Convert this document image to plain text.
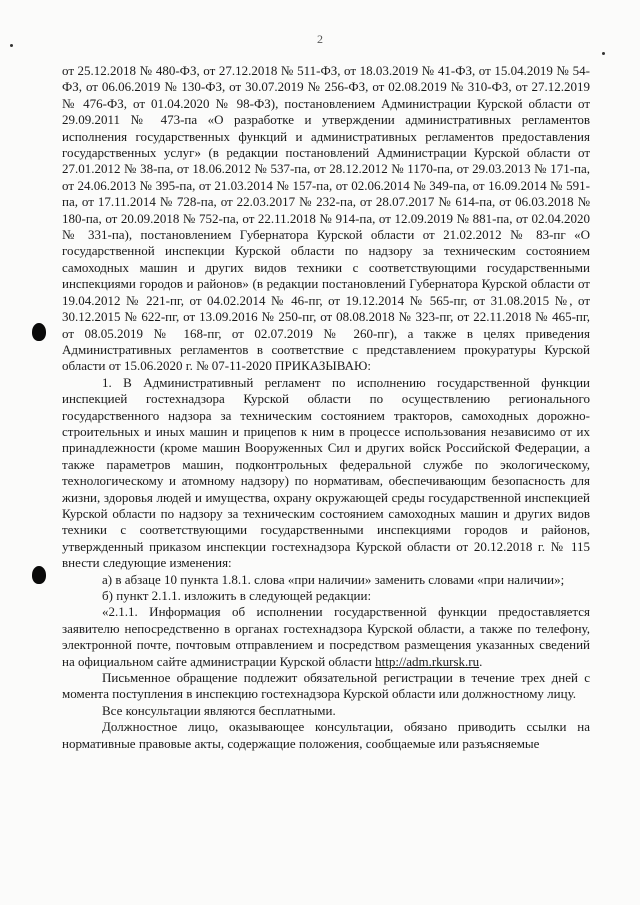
2

от 25.12.2018 № 480-ФЗ, от 27.12.2018 № 511-ФЗ, от 18.03.2019 № 41-ФЗ, от 15.04.2019 № 54-ФЗ, от 06.06.2019 № 130-ФЗ, от 30.07.2019 № 256-ФЗ, от 02.08.2019 № 310-ФЗ, от 27.12.2019 № 476-ФЗ, от 01.04.2020 № 98-ФЗ), постановлением Администрации Курской области от 29.09.2011 № 473-па «О разработке и утверждении административных регламентов исполнения государственных функций и административных регламентов предоставления государственных услуг» (в редакции постановлений Администрации Курской области от 27.01.2012 № 38-па, от 18.06.2012 № 537-па, от 28.12.2012 № 1170-па, от 29.03.2013 № 171-па, от 24.06.2013 № 395-па, от 21.03.2014 № 157-па, от 02.06.2014 № 349-па, от 16.09.2014 № 591-па, от 17.11.2014 № 728-па, от 22.03.2017 № 232-па, от 28.07.2017 № 614-па, от 06.03.2018 № 180-па, от 20.09.2018 № 752-па, от 22.11.2018 № 914-па, от 12.09.2019 № 881-па, от 02.04.2020 № 331-па), постановлением Губернатора Курской области от 21.02.2012 № 83-пг «О государственной инспекции Курской области по надзору за техническим состоянием самоходных машин и других видов техники с соответствующими государственными инспекциями городов и районов» (в редакции постановлений Губернатора Курской области от 19.04.2012 № 221-пг, от 04.02.2014 № 46-пг, от 19.12.2014 № 565-пг, от 31.08.2015 №, от 30.12.2015 № 622-пг, от 13.09.2016 № 250-пг, от 08.08.2018 № 323-пг, от 22.11.2018 № 465-пг, от 08.05.2019 № 168-пг, от 02.07.2019 № 260-пг), а также в целях приведения Административных регламентов в соответствие с представлением прокуратуры Курской области от 15.06.2020 г. № 07-11-2020 ПРИКАЗЫВАЮ:

1. В Административный регламент по исполнению государственной функции инспекцией гостехнадзора Курской области по осуществлению регионального государственного надзора за техническим состоянием тракторов, самоходных дорожно-строительных и иных машин и прицепов к ним в процессе использования независимо от их принадлежности (кроме машин Вооруженных Сил и других войск Российской Федерации, а также параметров машин, подконтрольных федеральной службе по экологическому, технологическому и атомному надзору) по нормативам, обеспечивающим безопасность для жизни, здоровья людей и имущества, охрану окружающей среды государственной инспекцией Курской области по надзору за техническим состоянием самоходных машин и других видов техники с соответствующими государственными инспекциями городов и районов, утвержденный приказом инспекции гостехнадзора Курской области от 20.12.2018 г. № 115 внести следующие изменения:

а) в абзаце 10 пункта 1.8.1. слова «при наличии» заменить словами «при наличии»;

б) пункт 2.1.1. изложить в следующей редакции:

«2.1.1. Информация об исполнении государственной функции предоставляется заявителю непосредственно в органах гостехнадзора Курской области, а также по телефону, электронной почте, почтовым отправлением и посредством размещения указанных сведений на официальном сайте администрации Курской области http://adm.rkursk.ru.

Письменное обращение подлежит обязательной регистрации в течение трех дней с момента поступления в инспекцию гостехнадзора Курской области или должностному лицу.

Все консультации являются бесплатными.

Должностное лицо, оказывающее консультации, обязано приводить ссылки на нормативные правовые акты, содержащие положения, сообщаемые или разъясняемые
